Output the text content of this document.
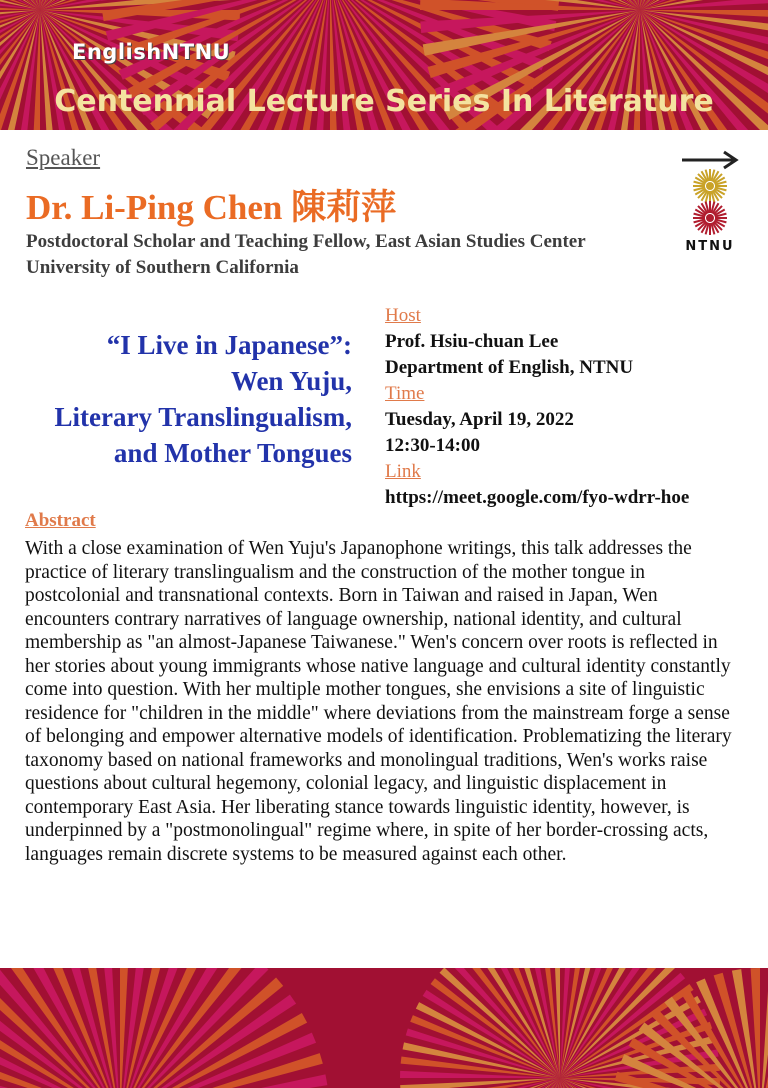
EnglishNTNU
Centennial Lecture Series In Literature
Speaker
Dr. Li-Ping Chen 陳莉萍
Postdoctoral Scholar and Teaching Fellow, East Asian Studies Center
University of Southern California
NTNU
“I Live in Japanese”:
Wen Yuju,
Literary Translingualism,
and Mother Tongues
Host
Prof. Hsiu-chuan Lee
Department of English, NTNU
Time
Tuesday, April 19, 2022
12:30-14:00
Link
https://meet.google.com/fyo-wdrr-hoe
Abstract
With a close examination of Wen Yuju's Japanophone writings, this talk addresses the practice of literary translingualism and the construction of the mother tongue in postcolonial and transnational contexts. Born in Taiwan and raised in Japan, Wen encounters contrary narratives of language ownership, national identity, and cultural membership as "an almost-Japanese Taiwanese." Wen's concern over roots is reflected in her stories about young immigrants whose native language and cultural identity constantly come into question. With her multiple mother tongues, she envisions a site of linguistic residence for "children in the middle" where deviations from the mainstream forge a sense of belonging and empower alternative models of identification. Problematizing the literary taxonomy based on national frameworks and monolingual traditions, Wen's works raise questions about cultural hegemony, colonial legacy, and linguistic displacement in contemporary East Asia. Her liberating stance towards linguistic identity, however, is underpinned by a "postmonolingual" regime where, in spite of her border-crossing acts, languages remain discrete systems to be measured against each other.
